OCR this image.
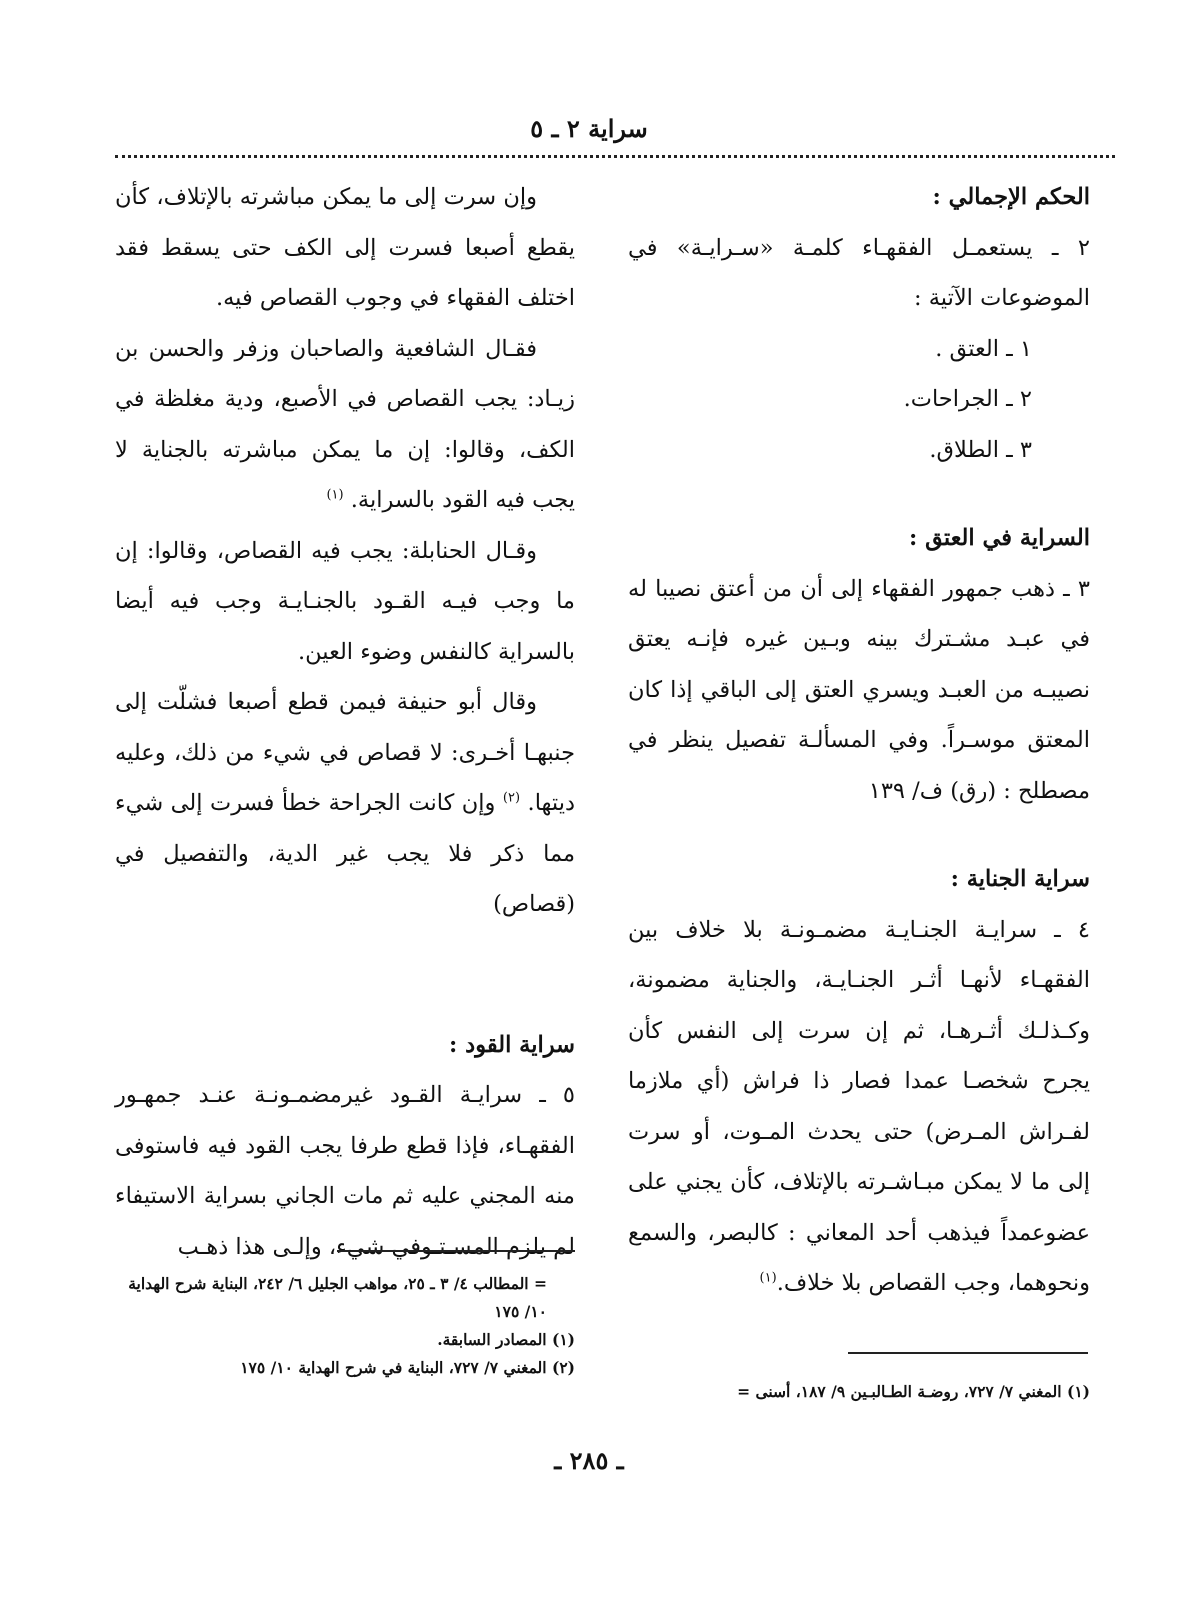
سراية ٢ ـ ٥
الحكم الإجمالي :

٢ ـ يستعمـل الفقهـاء كلمـة «سـرايـة» في الموضوعات الآتية :

١ ـ العتق .
٢ ـ الجراحات.
٣ ـ الطلاق.
السراية في العتق :

٣ ـ ذهب جمهور الفقهاء إلى أن من أعتق نصيبا له في عبـد مشـترك بينه وبـين غيره فإنـه يعتق نصيبـه من العبـد ويسري العتق إلى الباقي إذا كان المعتق موسـراً. وفي المسألـة تفصيل ينظر في مصطلح : (رق) ف/ ١٣٩

سراية الجناية :

٤ ـ سرايـة الجنـايـة مضمـونـة بلا خلاف بين الفقهـاء لأنهـا أثـر الجنـايـة، والجناية مضمونة، وكـذلـك أثـرهـا، ثم إن سرت إلى النفس كأن يجرح شخصـا عمدا فصار ذا فراش (أي ملازما لفـراش المـرض) حتى يحدث المـوت، أو سرت إلى ما لا يمكن مبـاشـرته بالإتلاف، كأن يجني على عضوعمداً فيذهب أحد المعاني : كالبصر، والسمع ونحوهما، وجب القصاص بلا خلاف.$^{(١)}$

وإن سرت إلى ما يمكن مباشرته بالإتلاف، كأن يقطع أصبعا فسرت إلى الكف حتى يسقط فقد اختلف الفقهاء في وجوب القصاص فيه.

فقـال الشافعية والصاحبان وزفر والحسن بن زيـاد: يجب القصاص في الأصبع، ودية مغلظة في الكف، وقالوا: إن ما يمكن مباشرته بالجناية لا يجب فيه القود بالسراية. $^{(١)}$

وقـال الحنابلة: يجب فيه القصاص، وقالوا: إن ما وجب فيـه القـود بالجنـايـة وجب فيه أيضا بالسراية كالنفس وضوء العين.

وقال أبو حنيفة فيمن قطع أصبعا فشلّت إلى جنبهـا أخـرى: لا قصاص في شيء من ذلك، وعليه ديتها. $^{(٢)}$ وإن كانت الجراحة خطأ فسرت إلى شيء مما ذكر فلا يجب غير الدية، والتفصيل في (قصاص)

سراية القود :

٥ ـ سرايـة القـود غيرمضمـونـة عنـد جمهـور الفقهـاء، فإذا قطع طرفا يجب القود فيه فاستوفى منه المجني عليه ثم مات الجاني بسراية الاستيفاء لم يلزم المسـتـوفي شيء، وإلـى هذا ذهـب

= المطالب ٤/ ٣ ـ ٢٥، مواهب الجليل ٦/ ٢٤٢، البناية شرح الهداية ١٠/ ١٧٥
(١) المصادر السابقة.
(٢) المغني ٧/ ٧٢٧، البناية في شرح الهداية ١٠/ ١٧٥
(١) المغني ٧/ ٧٢٧، روضـة الطـالبـين ٩/ ١٨٧، أسنى =
ـ ٢٨٥ ـ
